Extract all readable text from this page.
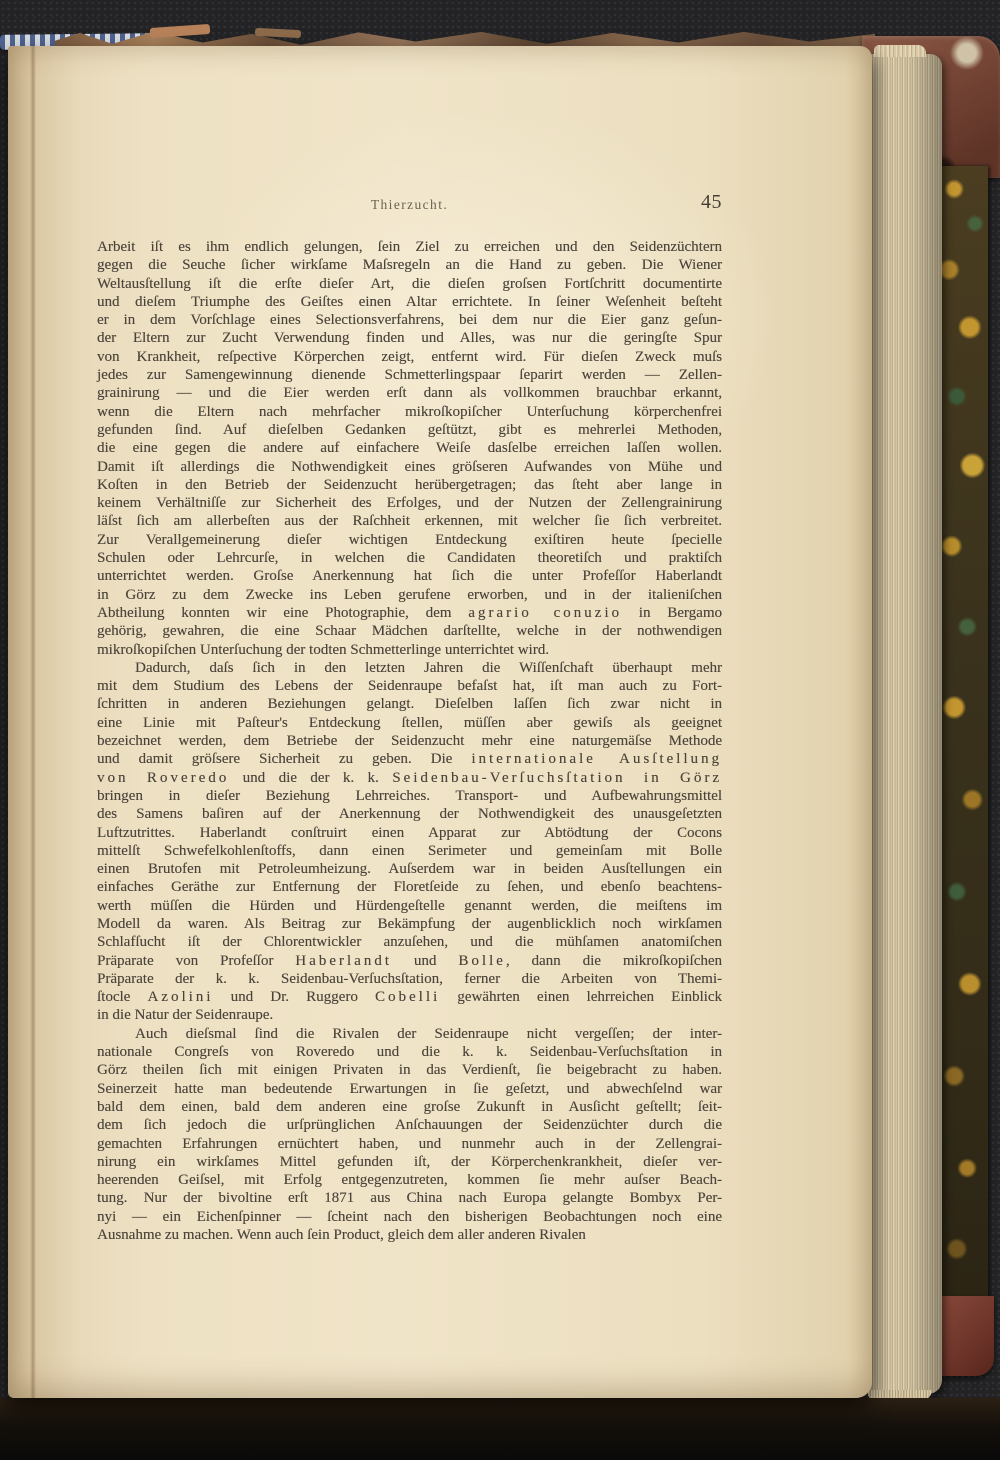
Thierzucht.	45
Arbeit iſt es ihm endlich gelungen, ſein Ziel zu erreichen und den Seidenzüchtern
gegen die Seuche ſicher wirkſame Maſsregeln an die Hand zu geben. Die Wiener
Weltausſtellung iſt die erſte dieſer Art, die dieſen groſsen Fortſchritt documentirte
und dieſem Triumphe des Geiſtes einen Altar errichtete. In ſeiner Weſenheit beſteht
er in dem Vorſchlage eines Selectionsverfahrens, bei dem nur die Eier ganz geſun-
der Eltern zur Zucht Verwendung finden und Alles, was nur die geringſte Spur
von Krankheit, reſpective Körperchen zeigt, entfernt wird. Für dieſen Zweck muſs
jedes zur Samengewinnung dienende Schmetterlingspaar ſeparirt werden — Zellen-
grainirung — und die Eier werden erſt dann als vollkommen brauchbar erkannt,
wenn die Eltern nach mehrfacher mikroſkopiſcher Unterſuchung körperchenfrei
gefunden ſind. Auf dieſelben Gedanken geſtützt, gibt es mehrerlei Methoden,
die eine gegen die andere auf einfachere Weiſe dasſelbe erreichen laſſen wollen.
Damit iſt allerdings die Nothwendigkeit eines gröſseren Aufwandes von Mühe und
Koſten in den Betrieb der Seidenzucht herübergetragen; das ſteht aber lange in
keinem Verhältniſſe zur Sicherheit des Erfolges, und der Nutzen der Zellengrainirung
läſst ſich am allerbeſten aus der Raſchheit erkennen, mit welcher ſie ſich verbreitet.
Zur Verallgemeinerung dieſer wichtigen Entdeckung exiſtiren heute ſpecielle
Schulen oder Lehrcurſe, in welchen die Candidaten theoretiſch und praktiſch
unterrichtet werden. Groſse Anerkennung hat ſich die unter Profeſſor Haberlandt
in Görz zu dem Zwecke ins Leben gerufene erworben, und in der italieniſchen
Abtheilung konnten wir eine Photographie, dem agrario conuzio in Bergamo
gehörig, gewahren, die eine Schaar Mädchen darſtellte, welche in der nothwendigen
mikroſkopiſchen Unterſuchung der todten Schmetterlinge unterrichtet wird.
Dadurch, daſs ſich in den letzten Jahren die Wiſſenſchaft überhaupt mehr
mit dem Studium des Lebens der Seidenraupe befaſst hat, iſt man auch zu Fort-
ſchritten in anderen Beziehungen gelangt. Dieſelben laſſen ſich zwar nicht in
eine Linie mit Paſteur's Entdeckung ſtellen, müſſen aber gewiſs als geeignet
bezeichnet werden, dem Betriebe der Seidenzucht mehr eine naturgemäſse Methode
und damit gröſsere Sicherheit zu geben. Die internationale Ausſtellung
von Roveredo und die der k. k. Seidenbau-Verſuchsſtation in Görz
bringen in dieſer Beziehung Lehrreiches. Transport- und Aufbewahrungsmittel
des Samens baſiren auf der Anerkennung der Nothwendigkeit des unausgeſetzten
Luftzutrittes. Haberlandt conſtruirt einen Apparat zur Abtödtung der Cocons
mittelſt Schwefelkohlenſtoffs, dann einen Serimeter und gemeinſam mit Bolle
einen Brutofen mit Petroleumheizung. Auſserdem war in beiden Ausſtellungen ein
einfaches Geräthe zur Entfernung der Floretſeide zu ſehen, und ebenſo beachtens-
werth müſſen die Hürden und Hürdengeſtelle genannt werden, die meiſtens im
Modell da waren. Als Beitrag zur Bekämpfung der augenblicklich noch wirkſamen
Schlafſucht iſt der Chlorentwickler anzuſehen, und die mühſamen anatomiſchen
Präparate von Profeſſor Haberlandt und Bolle, dann die mikroſkopiſchen
Präparate der k. k. Seidenbau-Verſuchsſtation, ferner die Arbeiten von Themi-
ſtocle Azolini und Dr. Ruggero Cobelli gewährten einen lehrreichen Einblick
in die Natur der Seidenraupe.
Auch dieſsmal ſind die Rivalen der Seidenraupe nicht vergeſſen; der inter-
nationale Congreſs von Roveredo und die k. k. Seidenbau-Verſuchsſtation in
Görz theilen ſich mit einigen Privaten in das Verdienſt, ſie beigebracht zu haben.
Seinerzeit hatte man bedeutende Erwartungen in ſie geſetzt, und abwechſelnd war
bald dem einen, bald dem anderen eine groſse Zukunft in Ausſicht geſtellt; ſeit-
dem ſich jedoch die urſprünglichen Anſchauungen der Seidenzüchter durch die
gemachten Erfahrungen ernüchtert haben, und nunmehr auch in der Zellengrai-
nirung ein wirkſames Mittel gefunden iſt, der Körperchenkrankheit, dieſer ver-
heerenden Geiſsel, mit Erfolg entgegenzutreten, kommen ſie mehr auſser Beach-
tung. Nur der bivoltine erſt 1871 aus China nach Europa gelangte Bombyx Per-
nyi — ein Eichenſpinner — ſcheint nach den bisherigen Beobachtungen noch eine
Ausnahme zu machen. Wenn auch ſein Product, gleich dem aller anderen Rivalen
